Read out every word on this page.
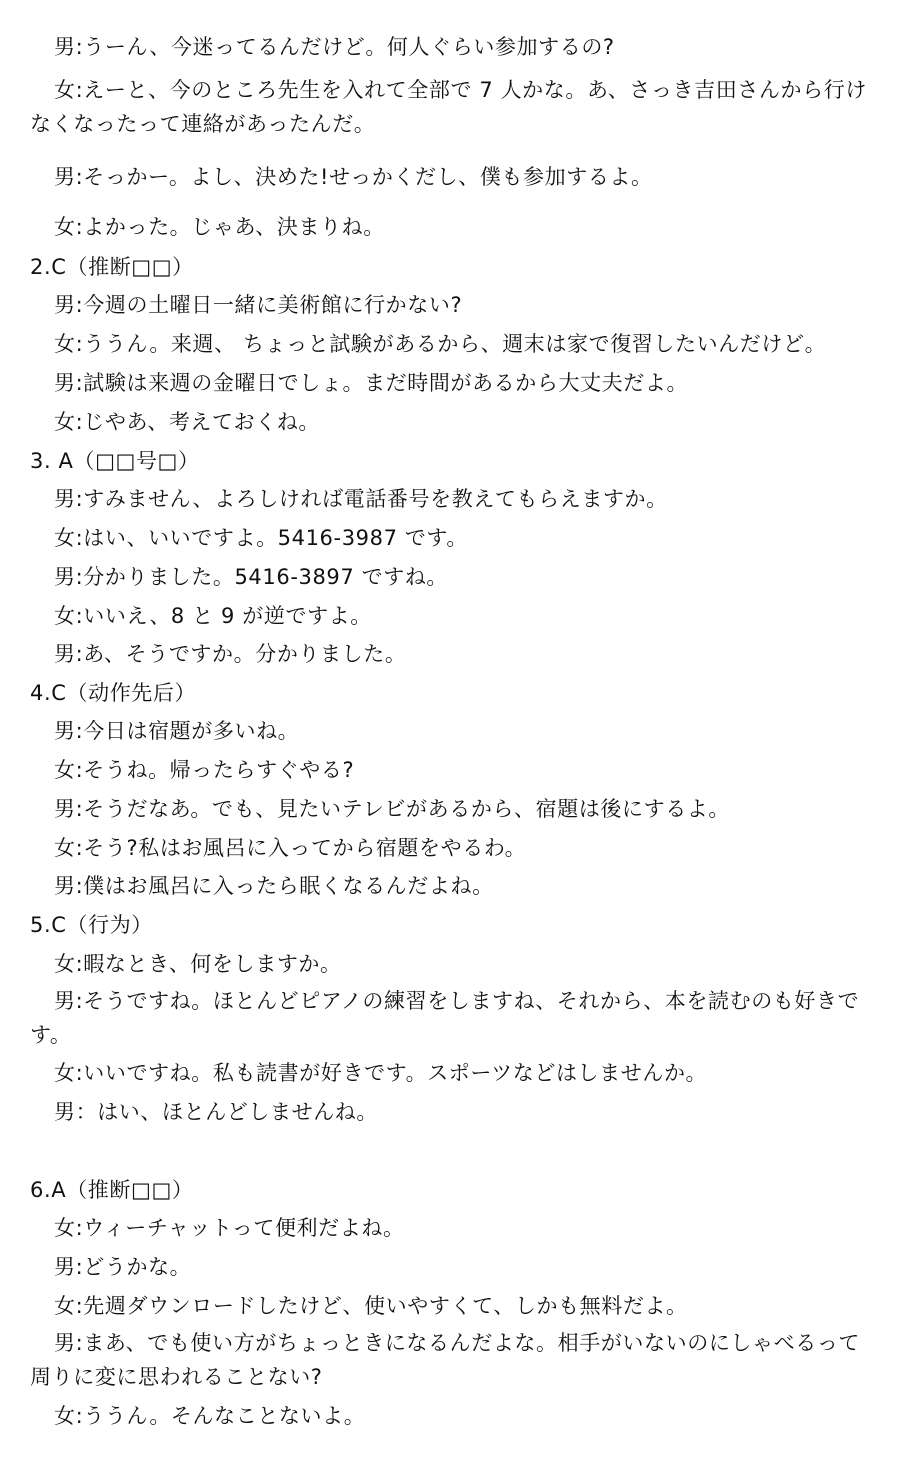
男:うーん、今迷ってるんだけど。何人ぐらい参加するの?
女:えーと、今のところ先生を入れて全部で 7 人かな。あ、さっき吉田さんから行けなくなったって連絡があったんだ。
男:そっかー。よし、決めた!せっかくだし、僕も参加するよ。
女:よかった。じゃあ、決まりね。
2.C（推断□□）
男:今週の土曜日一緒に美術館に行かない?
女:ううん。来週、 ちょっと試験があるから、週末は家で復習したいんだけど。
男:試験は来週の金曜日でしょ。まだ時間があるから大丈夫だよ。
女:じやあ、考えておくね。
3. A（□□号□）
男:すみません、よろしければ電話番号を教えてもらえますか。
女:はい、いいですよ。5416-3987 です。
男:分かりました。5416-3897 ですね。
女:いいえ、8 と 9 が逆ですよ。
男:あ、そうですか。分かりました。
4.C（动作先后）
男:今日は宿題が多いね。
女:そうね。帰ったらすぐやる?
男:そうだなあ。でも、見たいテレビがあるから、宿題は後にするよ。
女:そう?私はお風呂に入ってから宿題をやるわ。
男:僕はお風呂に入ったら眠くなるんだよね。
5.C（行为）
女:暇なとき、何をしますか。
男:そうですね。ほとんどピアノの練習をしますね、それから、本を読むのも好きです。
女:いいですね。私も読書が好きです。スポーツなどはしませんか。
男：はい、ほとんどしませんね。
6.A（推断□□）
女:ウィーチャットって便利だよね。
男:どうかな。
女:先週ダウンロードしたけど、使いやすくて、しかも無料だよ。
男:まあ、でも使い方がちょっときになるんだよな。相手がいないのにしゃべるって周りに変に思われることない?
女:ううん。そんなことないよ。
